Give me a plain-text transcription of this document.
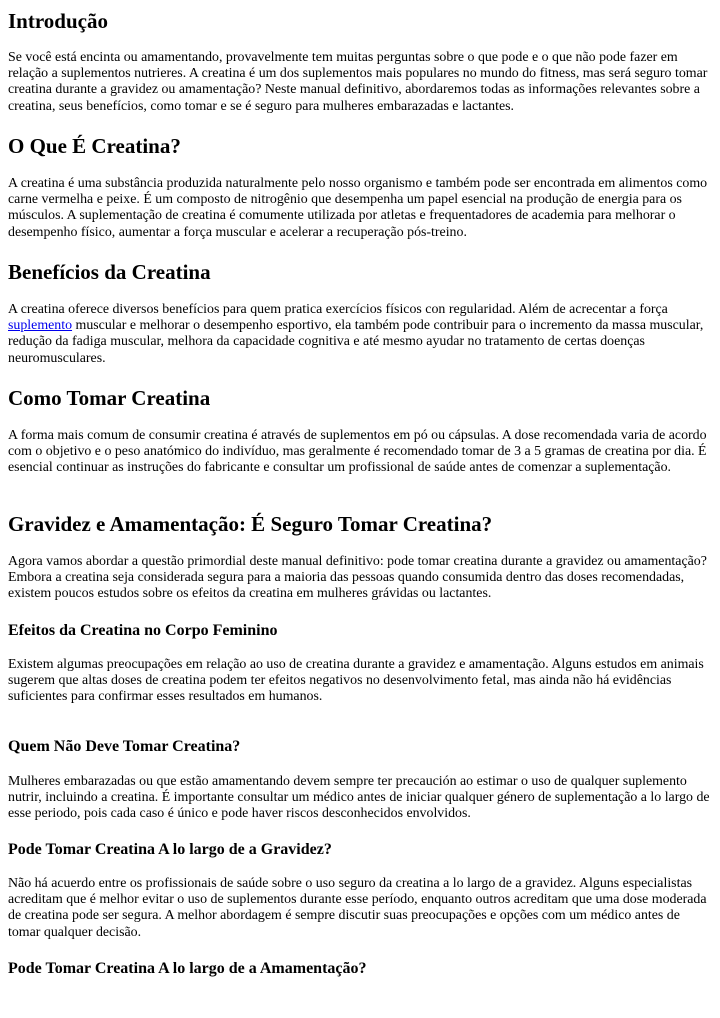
Introdução

Se você está encinta ou amamentando, provavelmente tem muitas perguntas sobre o que pode e o que não pode fazer em relação a suplementos nutrieres. A creatina é um dos suplementos mais populares no mundo do fitness, mas será seguro tomar creatina durante a gravidez ou amamentação? Neste manual definitivo, abordaremos todas as informações relevantes sobre a creatina, seus benefícios, como tomar e se é seguro para mulheres embarazadas e lactantes.

O Que É Creatina?

A creatina é uma substância produzida naturalmente pelo nosso organismo e também pode ser encontrada em alimentos como carne vermelha e peixe. É um composto de nitrogênio que desempenha um papel esencial na produção de energia para os músculos. A suplementação de creatina é comumente utilizada por atletas e frequentadores de academia para melhorar o desempenho físico, aumentar a força muscular e acelerar a recuperação pós-treino.

Benefícios da Creatina

A creatina oferece diversos benefícios para quem pratica exercícios físicos con regularidad. Além de acrecentar a força suplemento muscular e melhorar o desempenho esportivo, ela também pode contribuir para o incremento da massa muscular, redução da fadiga muscular, melhora da capacidade cognitiva e até mesmo ayudar no tratamento de certas doenças neuromusculares.

Como Tomar Creatina

A forma mais comum de consumir creatina é através de suplementos em pó ou cápsulas. A dose recomendada varia de acordo com o objetivo e o peso anatómico do indivíduo, mas geralmente é recomendado tomar de 3 a 5 gramas de creatina por dia. É esencial continuar as instruções do fabricante e consultar um profissional de saúde antes de comenzar a suplementação.

Gravidez e Amamentação: É Seguro Tomar Creatina?

Agora vamos abordar a questão primordial deste manual definitivo: pode tomar creatina durante a gravidez ou amamentação? Embora a creatina seja considerada segura para a maioria das pessoas quando consumida dentro das doses recomendadas, existem poucos estudos sobre os efeitos da creatina em mulheres grávidas ou lactantes.

Efeitos da Creatina no Corpo Feminino

Existem algumas preocupações em relação ao uso de creatina durante a gravidez e amamentação. Alguns estudos em animais sugerem que altas doses de creatina podem ter efeitos negativos no desenvolvimento fetal, mas ainda não há evidências suficientes para confirmar esses resultados em humanos.

Quem Não Deve Tomar Creatina?

Mulheres embarazadas ou que estão amamentando devem sempre ter precaución ao estimar o uso de qualquer suplemento nutrir, incluindo a creatina. É importante consultar um médico antes de iniciar qualquer género de suplementação a lo largo de esse periodo, pois cada caso é único e pode haver riscos desconhecidos envolvidos.

Pode Tomar Creatina A lo largo de a Gravidez?

Não há acuerdo entre os profissionais de saúde sobre o uso seguro da creatina a lo largo de a gravidez. Alguns especialistas acreditam que é melhor evitar o uso de suplementos durante esse período, enquanto outros acreditam que uma dose moderada de creatina pode ser segura. A melhor abordagem é sempre discutir suas preocupações e opções com um médico antes de tomar qualquer decisão.

Pode Tomar Creatina A lo largo de a Amamentação?
